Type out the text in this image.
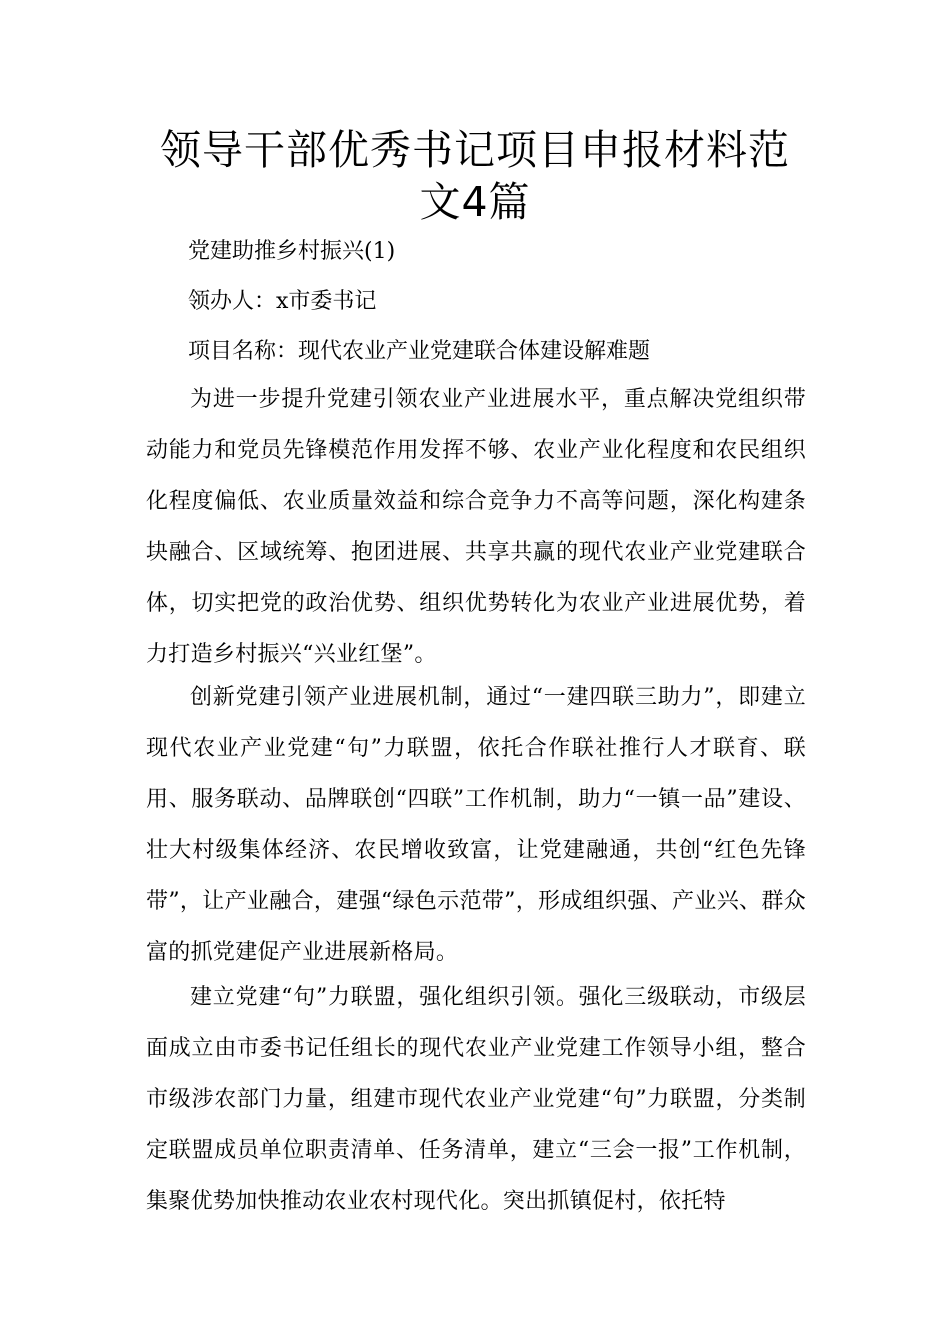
领导干部优秀书记项目申报材料范文4篇

党建助推乡村振兴(1)

领办人：x市委书记

项目名称：现代农业产业党建联合体建设解难题

为进一步提升党建引领农业产业进展水平，重点解决党组织带动能力和党员先锋模范作用发挥不够、农业产业化程度和农民组织化程度偏低、农业质量效益和综合竞争力不高等问题，深化构建条块融合、区域统筹、抱团进展、共享共赢的现代农业产业党建联合体，切实把党的政治优势、组织优势转化为农业产业进展优势，着力打造乡村振兴“兴业红堡”。

创新党建引领产业进展机制，通过“一建四联三助力”，即建立现代农业产业党建“句”力联盟，依托合作联社推行人才联育、联用、服务联动、品牌联创“四联”工作机制，助力“一镇一品”建设、壮大村级集体经济、农民增收致富，让党建融通，共创“红色先锋带”，让产业融合，建强“绿色示范带”，形成组织强、产业兴、群众富的抓党建促产业进展新格局。

建立党建“句”力联盟，强化组织引领。强化三级联动，市级层面成立由市委书记任组长的现代农业产业党建工作领导小组，整合市级涉农部门力量，组建市现代农业产业党建“句”力联盟，分类制定联盟成员单位职责清单、任务清单，建立“三会一报”工作机制，集聚优势加快推动农业农村现代化。突出抓镇促村，依托特
